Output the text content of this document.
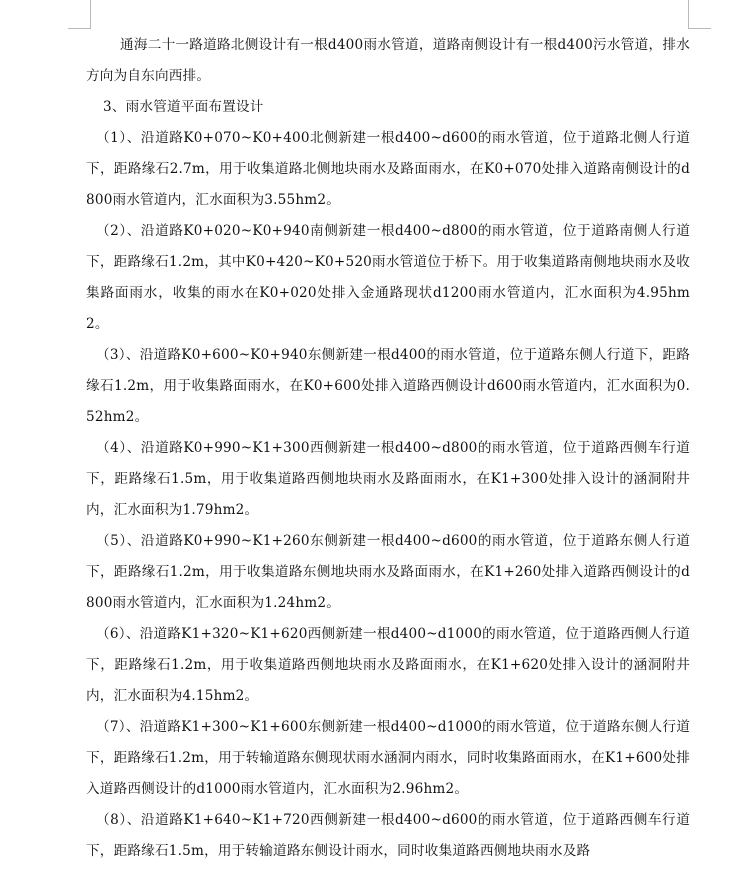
通海二十一路道路北侧设计有一根d400雨水管道，道路南侧设计有一根d400污水管道，排水方向为自东向西排。

3、雨水管道平面布置设计

（1）、沿道路K0+070~K0+400北侧新建一根d400~d600的雨水管道，位于道路北侧人行道下，距路缘石2.7m，用于收集道路北侧地块雨水及路面雨水，在K0+070处排入道路南侧设计的d800雨水管道内，汇水面积为3.55hm2。

（2）、沿道路K0+020~K0+940南侧新建一根d400~d800的雨水管道，位于道路南侧人行道下，距路缘石1.2m，其中K0+420~K0+520雨水管道位于桥下。用于收集道路南侧地块雨水及收集路面雨水，收集的雨水在K0+020处排入金通路现状d1200雨水管道内，汇水面积为4.95hm2。

（3）、沿道路K0+600~K0+940东侧新建一根d400的雨水管道，位于道路东侧人行道下，距路缘石1.2m，用于收集路面雨水，在K0+600处排入道路西侧设计d600雨水管道内，汇水面积为0.52hm2。

（4）、沿道路K0+990~K1+300西侧新建一根d400~d800的雨水管道，位于道路西侧车行道下，距路缘石1.5m，用于收集道路西侧地块雨水及路面雨水，在K1+300处排入设计的涵洞附井内，汇水面积为1.79hm2。

（5）、沿道路K0+990~K1+260东侧新建一根d400~d600的雨水管道，位于道路东侧人行道下，距路缘石1.2m，用于收集道路东侧地块雨水及路面雨水，在K1+260处排入道路西侧设计的d800雨水管道内，汇水面积为1.24hm2。

（6）、沿道路K1+320~K1+620西侧新建一根d400~d1000的雨水管道，位于道路西侧人行道下，距路缘石1.2m，用于收集道路西侧地块雨水及路面雨水，在K1+620处排入设计的涵洞附井内，汇水面积为4.15hm2。

（7）、沿道路K1+300~K1+600东侧新建一根d400~d1000的雨水管道，位于道路东侧人行道下，距路缘石1.2m，用于转输道路东侧现状雨水涵洞内雨水，同时收集路面雨水，在K1+600处排入道路西侧设计的d1000雨水管道内，汇水面积为2.96hm2。

（8）、沿道路K1+640~K1+720西侧新建一根d400~d600的雨水管道，位于道路西侧车行道下，距路缘石1.5m，用于转输道路东侧设计雨水，同时收集道路西侧地块雨水及路
